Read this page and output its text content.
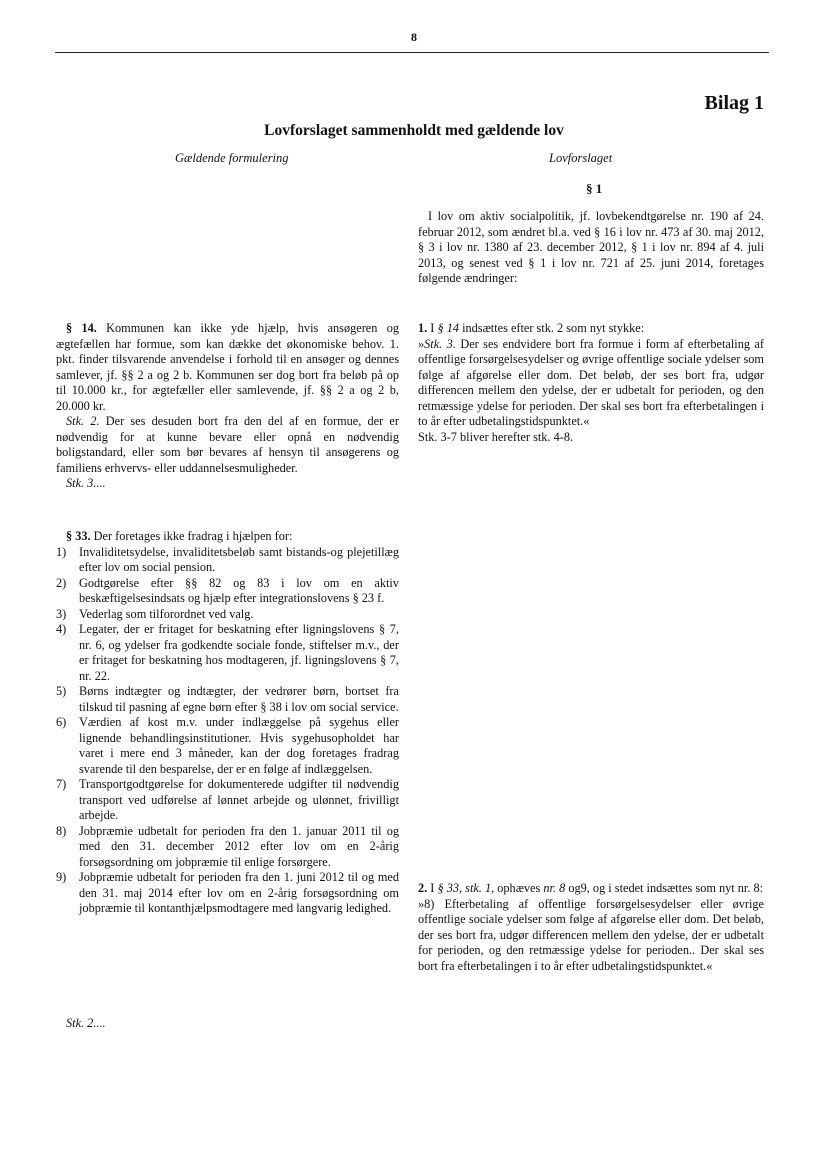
8
Bilag 1
Lovforslaget sammenholdt med gældende lov
Gældende formulering	Lovforslaget
§ 1

I lov om aktiv socialpolitik, jf. lovbekendtgørelse nr. 190 af 24. februar 2012, som ændret bl.a. ved § 16 i lov nr. 473 af 30. maj 2012, § 3 i lov nr. 1380 af 23. december 2012, § 1 i lov nr. 894 af 4. juli 2013, og senest ved § 1 i lov nr. 721 af 25. juni 2014, foretages følgende ændringer:

§ 14. Kommunen kan ikke yde hjælp, hvis ansøgeren og ægtefællen har formue, som kan dække det økonomiske behov. 1. pkt. finder tilsvarende anvendelse i forhold til en ansøger og dennes samlever, jf. §§ 2 a og 2 b. Kommunen ser dog bort fra beløb på op til 10.000 kr., for ægtefæller eller samlevende, jf. §§ 2 a og 2 b, 20.000 kr.

Stk. 2. Der ses desuden bort fra den del af en formue, der er nødvendig for at kunne bevare eller opnå en nødvendig boligstandard, eller som bør bevares af hensyn til ansøgerens og familiens erhvervs- eller uddannelsesmuligheder.

Stk. 3....

1. I § 14 indsættes efter stk. 2 som nyt stykke:

»Stk. 3. Der ses endvidere bort fra formue i form af efterbetaling af offentlige forsørgelsesydelser og øvrige offentlige sociale ydelser som følge af afgørelse eller dom. Det beløb, der ses bort fra, udgør differencen mellem den ydelse, der er udbetalt for perioden, og den retmæssige ydelse for perioden. Der skal ses bort fra efterbetalingen i to år efter udbetalingstidspunktet.«

Stk. 3-7 bliver herefter stk. 4-8.

§ 33. Der foretages ikke fradrag i hjælpen for:

1)	Invaliditetsydelse, invaliditetsbeløb samt bistands-og plejetillæg efter lov om social pension.
2)	Godtgørelse efter §§ 82 og 83 i lov om en aktiv beskæftigelsesindsats og hjælp efter integrationslovens § 23 f.
3)	Vederlag som tilforordnet ved valg.
4)	Legater, der er fritaget for beskatning efter ligningslovens § 7, nr. 6, og ydelser fra godkendte sociale fonde, stiftelser m.v., der er fritaget for beskatning hos modtageren, jf. ligningslovens § 7, nr. 22.
5)	Børns indtægter og indtægter, der vedrører børn, bortset fra tilskud til pasning af egne børn efter § 38 i lov om social service.
6)	Værdien af kost m.v. under indlæggelse på sygehus eller lignende behandlingsinstitutioner. Hvis sygehusopholdet har varet i mere end 3 måneder, kan der dog foretages fradrag svarende til den besparelse, der er en følge af indlæggelsen.
7)	Transportgodtgørelse for dokumenterede udgifter til nødvendig transport ved udførelse af lønnet arbejde og ulønnet, frivilligt arbejde.
8)	Jobpræmie udbetalt for perioden fra den 1. januar 2011 til og med den 31. december 2012 efter lov om en 2-årig forsøgsordning om jobpræmie til enlige forsørgere.
9)	Jobpræmie udbetalt for perioden fra den 1. juni 2012 til og med den 31. maj 2014 efter lov om en 2-årig forsøgsordning om jobpræmie til kontanthjælpsmodtagere med langvarig ledighed.

Stk. 2....

2. I § 33, stk. 1, ophæves nr. 8 og9, og i stedet indsættes som nyt nr. 8:

»8) Efterbetaling af offentlige forsørgelsesydelser eller øvrige offentlige sociale ydelser som følge af afgørelse eller dom. Det beløb, der ses bort fra, udgør differencen mellem den ydelse, der er udbetalt for perioden, og den retmæssige ydelse for perioden.. Der skal ses bort fra efterbetalingen i to år efter udbetalingstidspunktet.«
